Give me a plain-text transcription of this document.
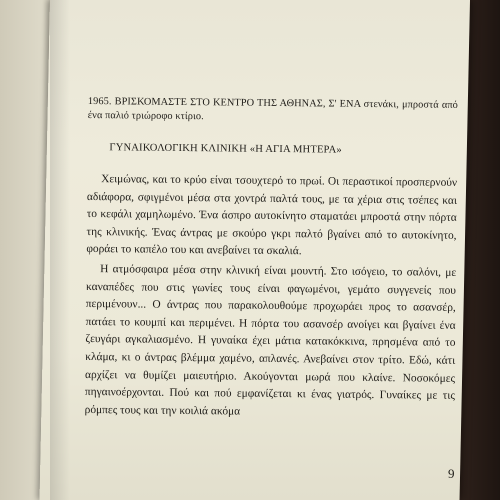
1965. ΒΡΙΣΚΟΜΑΣΤΕ ΣΤΟ ΚΕΝΤΡΟ ΤΗΣ ΑΘΗΝΑΣ, Σ' ΕΝΑ στενάκι, μπροστά από ένα παλιό τριώροφο κτίριο.

ΓΥΝΑΙΚΟΛΟΓΙΚΗ ΚΛΙΝΙΚΗ «Η ΑΓΙΑ ΜΗΤΕΡΑ»

Χειμώνας, και το κρύο είναι τσουχτερό το πρωί. Οι περαστικοί προσπερνούν αδιάφορα, σφιγμένοι μέσα στα χοντρά παλτά τους, με τα χέρια στις τσέπες και το κεφάλι χαμηλωμένο. Ένα άσπρο αυτοκίνητο σταματάει μπροστά στην πόρτα της κλινικής. Ένας άντρας με σκούρο γκρι παλτό βγαίνει από το αυτοκίνητο, φοράει το καπέλο του και ανεβαίνει τα σκαλιά.

Η ατμόσφαιρα μέσα στην κλινική είναι μουντή. Στο ισόγειο, το σαλόνι, με καναπέδες που στις γωνίες τους είναι φαγωμένοι, γεμάτο συγγενείς που περιμένουν... Ο άντρας που παρακολουθούμε προχωράει προς το ασανσέρ, πατάει το κουμπί και περιμένει. Η πόρτα του ασανσέρ ανοίγει και βγαίνει ένα ζευγάρι αγκαλιασμένο. Η γυναίκα έχει μάτια κατακόκκινα, πρησμένα από το κλάμα, κι ο άντρας βλέμμα χαμένο, απλανές. Ανεβαίνει στον τρίτο. Εδώ, κάτι αρχίζει να θυμίζει μαιευτήριο. Ακούγονται μωρά που κλαίνε. Νοσοκόμες πηγαινοέρχονται. Πού και πού εμφανίζεται κι ένας γιατρός. Γυναίκες με τις ρόμπες τους και την κοιλιά ακόμα

9
